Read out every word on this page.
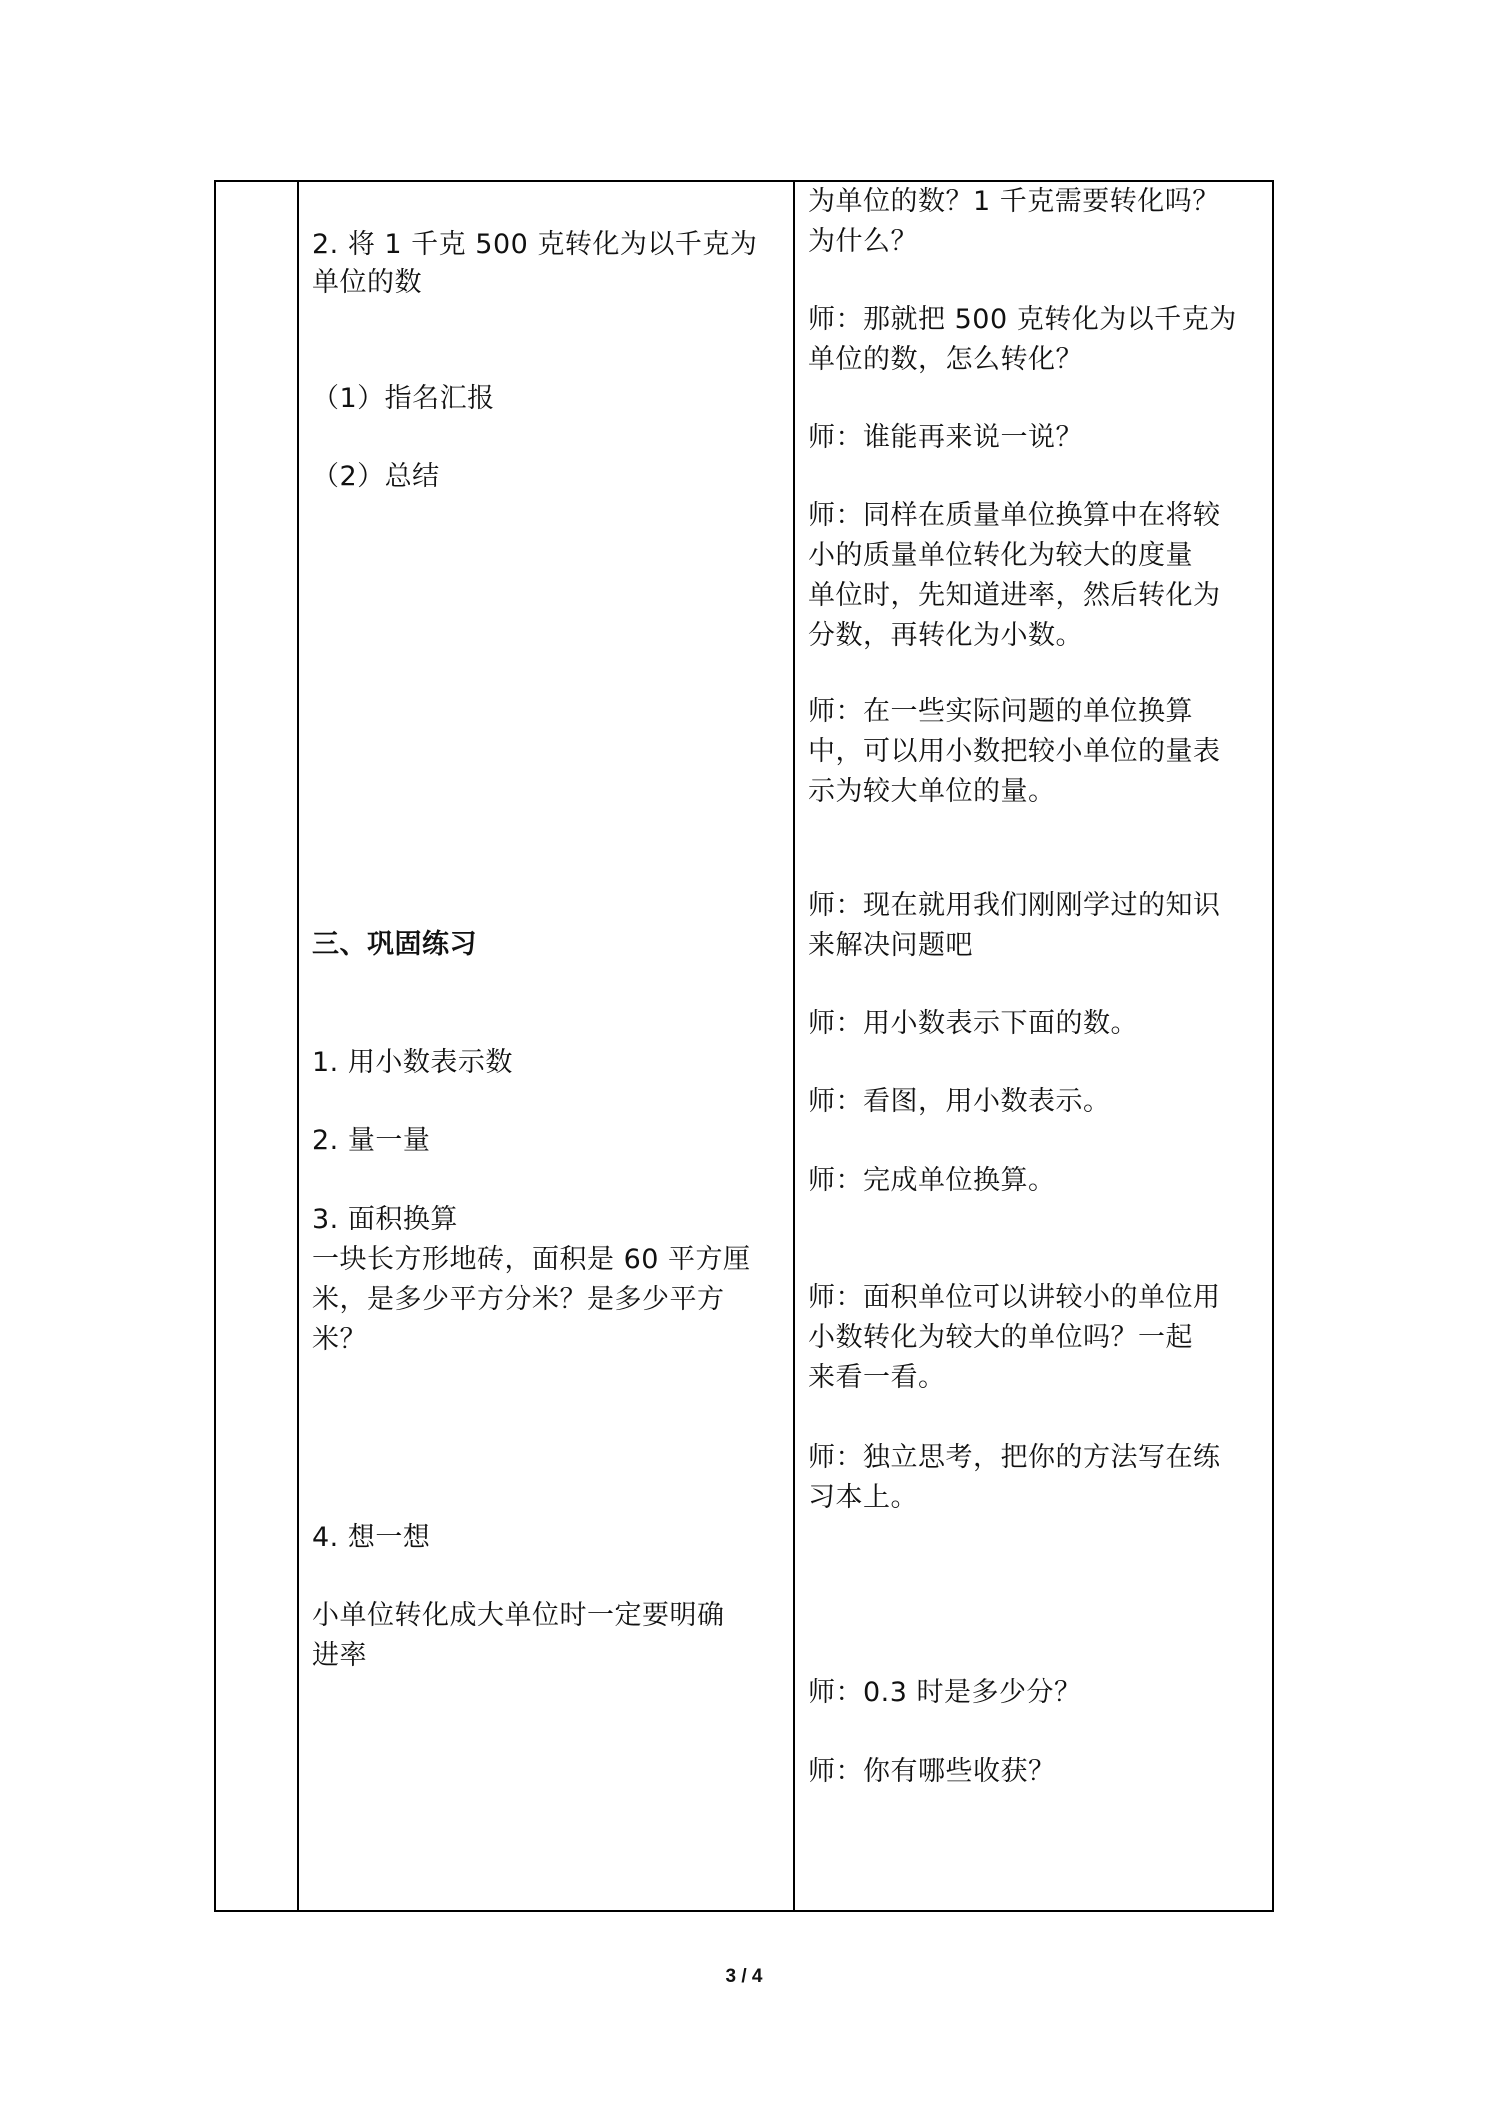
2. 将 1 千克 500 克转化为以千克为
单位的数
（1）指名汇报
（2）总结
三、巩固练习
1. 用小数表示数
2. 量一量
3. 面积换算
一块长方形地砖，面积是 60 平方厘
米，是多少平方分米？是多少平方
米？
4. 想一想
小单位转化成大单位时一定要明确
进率
为单位的数？1 千克需要转化吗？
为什么？
师：那就把 500 克转化为以千克为
单位的数，怎么转化？
师：谁能再来说一说？
师：同样在质量单位换算中在将较
小的质量单位转化为较大的度量
单位时，先知道进率，然后转化为
分数，再转化为小数。
师：在一些实际问题的单位换算
中，可以用小数把较小单位的量表
示为较大单位的量。
师：现在就用我们刚刚学过的知识
来解决问题吧
师：用小数表示下面的数。
师：看图，用小数表示。
师：完成单位换算。
师：面积单位可以讲较小的单位用
小数转化为较大的单位吗？一起
来看一看。
师：独立思考，把你的方法写在练
习本上。
师：0.3 时是多少分？
师：你有哪些收获？
3 / 4
